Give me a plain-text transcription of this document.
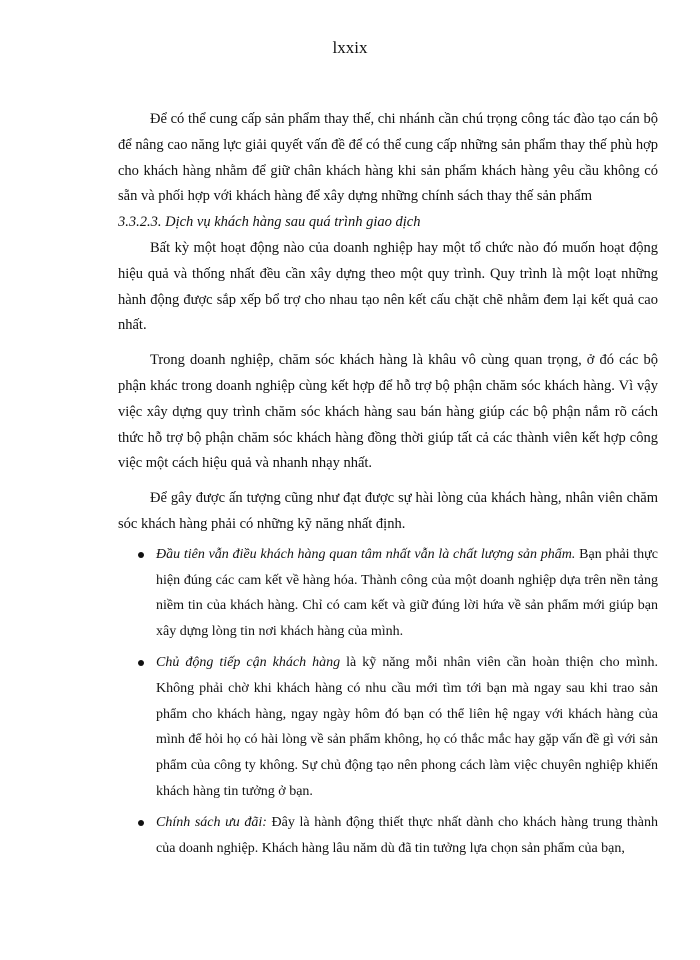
lxxix

Để có thể cung cấp sản phẩm thay thế, chi nhánh cần chú trọng công tác đào tạo cán bộ để nâng cao năng lực giải quyết vấn đề để có thể cung cấp những sản phẩm thay thế phù hợp cho khách hàng nhằm để giữ chân khách hàng khi sản phẩm khách hàng yêu cầu không có sẵn và phối hợp với khách hàng để xây dựng những chính sách thay thế sản phẩm

3.3.2.3. Dịch vụ khách hàng sau quá trình giao dịch

Bất kỳ một hoạt động nào của doanh nghiệp hay một tổ chức nào đó muốn hoạt động hiệu quả và thống nhất đều cần xây dựng theo một quy trình. Quy trình là một loạt những hành động được sắp xếp bổ trợ cho nhau tạo nên kết cấu chặt chẽ nhằm đem lại kết quả cao nhất.

Trong doanh nghiệp, chăm sóc khách hàng là khâu vô cùng quan trọng, ở đó các bộ phận khác trong doanh nghiệp cùng kết hợp để hỗ trợ bộ phận chăm sóc khách hàng. Vì vậy việc xây dựng quy trình chăm sóc khách hàng sau bán hàng giúp các bộ phận nắm rõ cách thức hỗ trợ bộ phận chăm sóc khách hàng đồng thời giúp tất cả các thành viên kết hợp công việc một cách hiệu quả và nhanh nhạy nhất.

Để gây được ấn tượng cũng như đạt được sự hài lòng của khách hàng, nhân viên chăm sóc khách hàng phải có những kỹ năng nhất định.

Đầu tiên vẫn điều khách hàng quan tâm nhất vẫn là chất lượng sản phẩm. Bạn phải thực hiện đúng các cam kết về hàng hóa. Thành công của một doanh nghiệp dựa trên nền tảng niềm tin của khách hàng. Chỉ có cam kết và giữ đúng lời hứa về sản phẩm mới giúp bạn xây dựng lòng tin nơi khách hàng của mình.
Chủ động tiếp cận khách hàng là kỹ năng mỗi nhân viên cần hoàn thiện cho mình. Không phải chờ khi khách hàng có nhu cầu mới tìm tới bạn mà ngay sau khi trao sản phẩm cho khách hàng, ngay ngày hôm đó bạn có thể liên hệ ngay với khách hàng của mình để hỏi họ có hài lòng về sản phẩm không, họ có thắc mắc hay gặp vấn đề gì với sản phẩm của công ty không. Sự chủ động tạo nên phong cách làm việc chuyên nghiệp khiến khách hàng tin tưởng ở bạn.
Chính sách ưu đãi: Đây là hành động thiết thực nhất dành cho khách hàng trung thành của doanh nghiệp. Khách hàng lâu năm dù đã tin tưởng lựa chọn sản phẩm của bạn,
